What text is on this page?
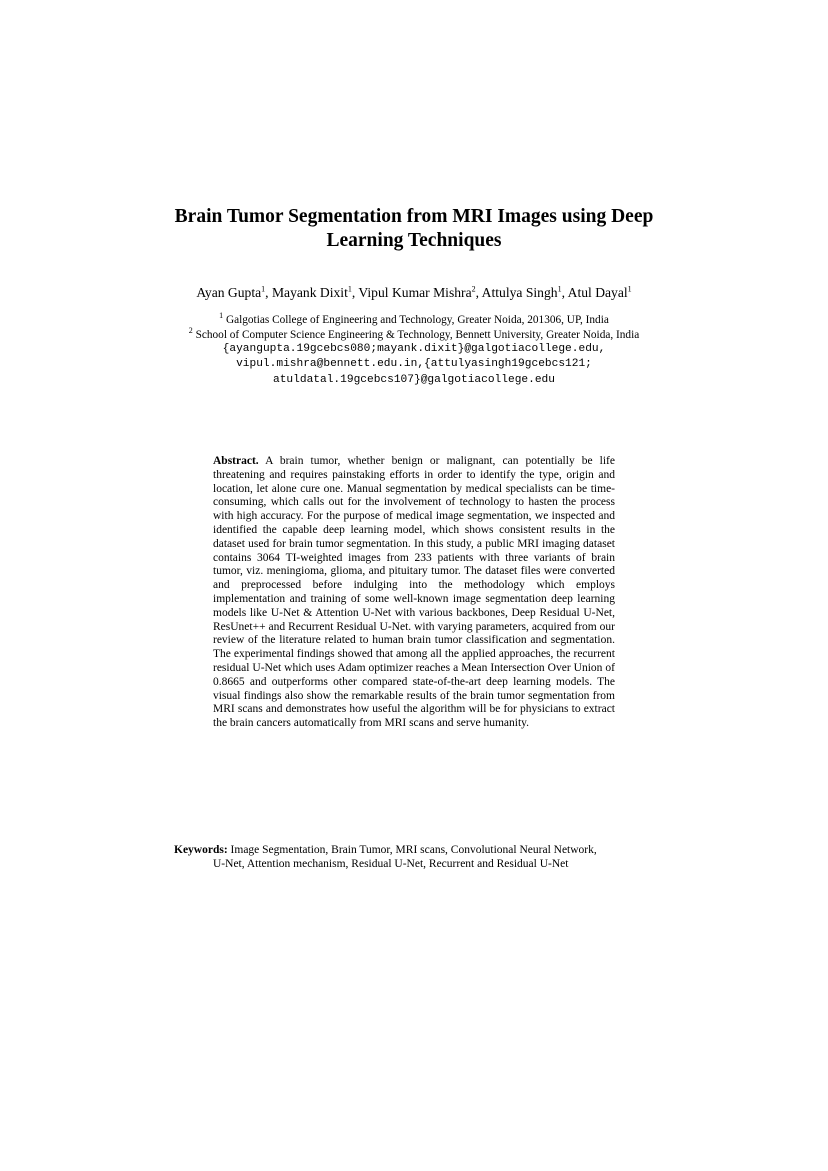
Brain Tumor Segmentation from MRI Images using Deep Learning Techniques

Ayan Gupta$^1$, Mayank Dixit$^1$, Vipul Kumar Mishra$^2$, Attulya Singh$^1$, Atul Dayal$^1$

$^1$ Galgotias College of Engineering and Technology, Greater Noida, 201306, UP, India
$^2$ School of Computer Science Engineering & Technology, Bennett University, Greater Noida, India
{ayangupta.19gcebcs080;mayank.dixit}@galgotiacollege.edu,
vipul.mishra@bennett.edu.in,{attulyasingh19gcebcs121;
atuldatal.19gcebcs107}@galgotiacollege.edu

Abstract. A brain tumor, whether benign or malignant, can potentially be life threatening and requires painstaking efforts in order to identify the type, origin and location, let alone cure one. Manual segmentation by medical specialists can be time-consuming, which calls out for the involvement of technology to hasten the process with high accuracy. For the purpose of medical image segmentation, we inspected and identified the capable deep learning model, which shows consistent results in the dataset used for brain tumor segmentation. In this study, a public MRI imaging dataset contains 3064 TI-weighted images from 233 patients with three variants of brain tumor, viz. meningioma, glioma, and pituitary tumor. The dataset files were converted and preprocessed before indulging into the methodology which employs implementation and training of some well-known image segmentation deep learning models like U-Net & Attention U-Net with various backbones, Deep Residual U-Net, ResUnet++ and Recurrent Residual U-Net. with varying parameters, acquired from our review of the literature related to human brain tumor classification and segmentation. The experimental findings showed that among all the applied approaches, the recurrent residual U-Net which uses Adam optimizer reaches a Mean Intersection Over Union of 0.8665 and outperforms other compared state-of-the-art deep learning models. The visual findings also show the remarkable results of the brain tumor segmentation from MRI scans and demonstrates how useful the algorithm will be for physicians to extract the brain cancers automatically from MRI scans and serve humanity.

Keywords: Image Segmentation, Brain Tumor, MRI scans, Convolutional Neural Network,
U-Net, Attention mechanism, Residual U-Net, Recurrent and Residual U-Net
